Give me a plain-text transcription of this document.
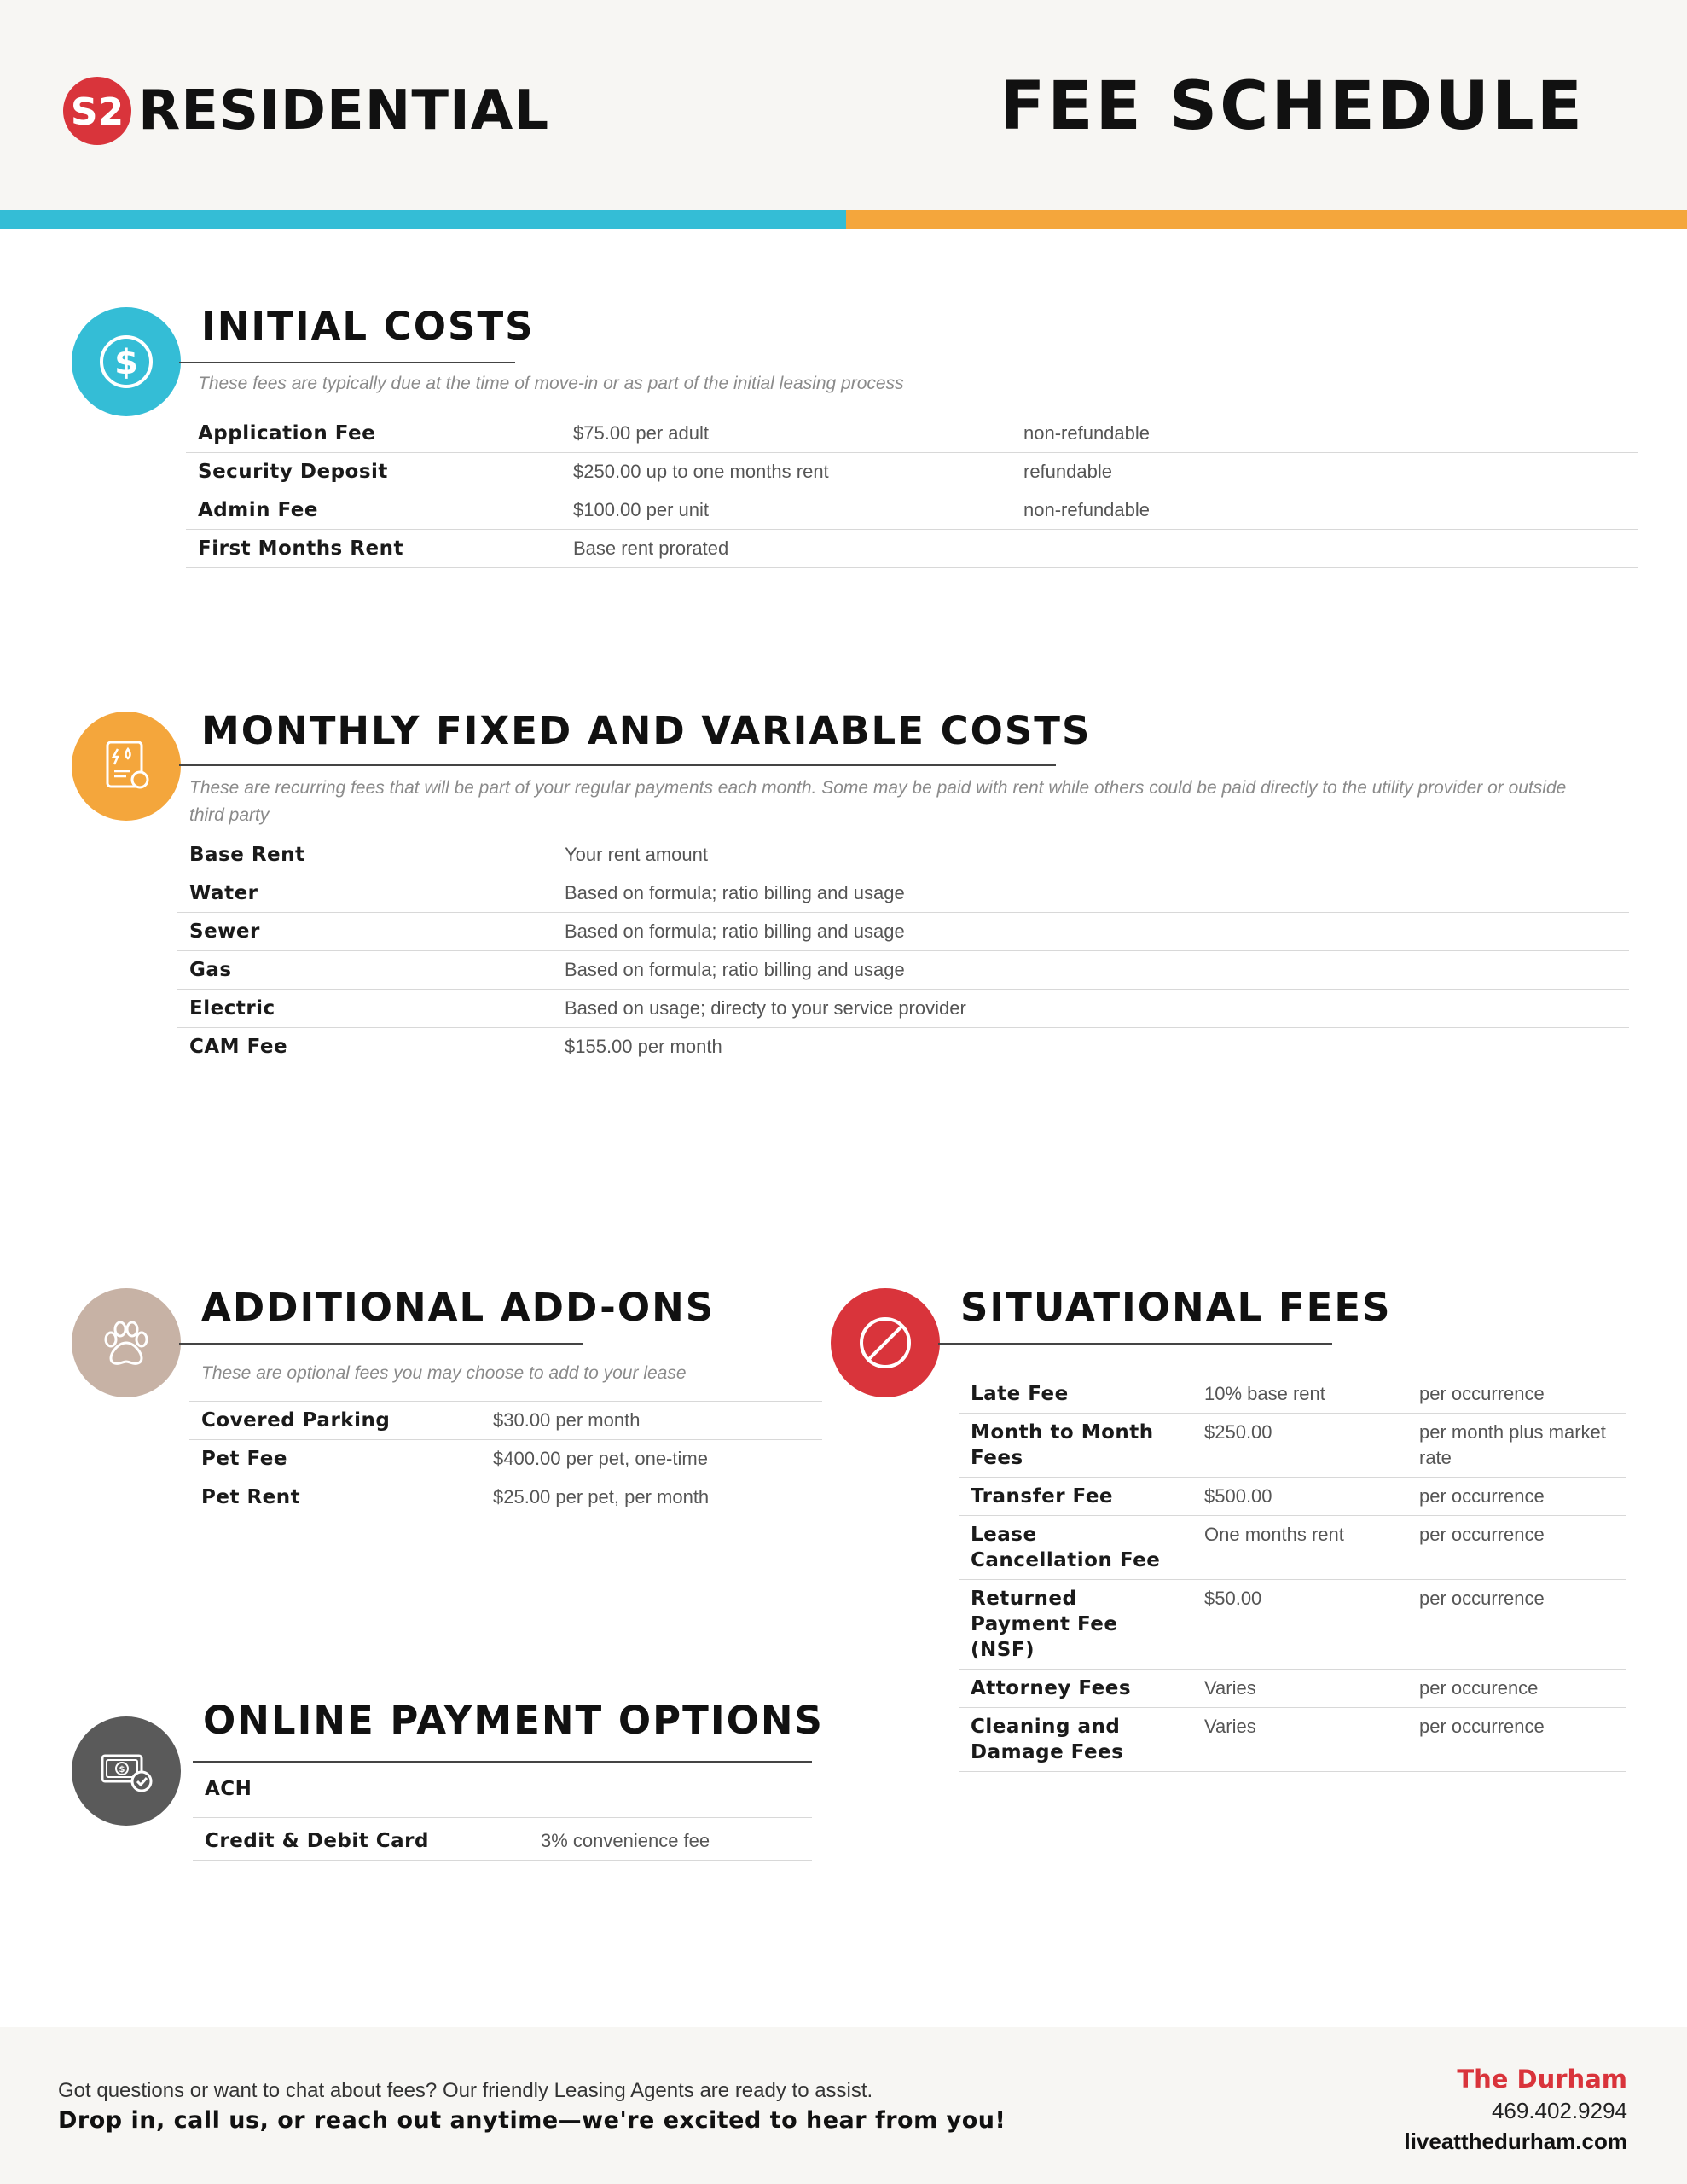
S2 RESIDENTIAL	FEE SCHEDULE
$
INITIAL COSTS
These fees are typically due at the time of move-in or as part of the initial leasing process
Application Fee	$75.00 per adult	non-refundable
Security Deposit	$250.00 up to one months rent	refundable
Admin Fee	$100.00 per unit	non-refundable
First Months Rent	Base rent prorated	
MONTHLY FIXED AND VARIABLE COSTS
These are recurring fees that will be part of your regular payments each month. Some may be paid with rent while others could be paid directly to the utility provider or outside third party
Base Rent	Your rent amount
Water	Based on formula; ratio billing and usage
Sewer	Based on formula; ratio billing and usage
Gas	Based on formula; ratio billing and usage
Electric	Based on usage; directy to your service provider
CAM Fee	$155.00 per month
ADDITIONAL ADD-ONS
These are optional fees you may choose to add to your lease
Covered Parking	$30.00 per month
Pet Fee	$400.00 per pet, one-time
Pet Rent	$25.00 per pet, per month
SITUATIONAL FEES
Late Fee	10% base rent	per occurrence
Month to Month Fees	$250.00	per month plus market rate
Transfer Fee	$500.00	per occurrence
Lease Cancellation Fee	One months rent	per occurrence
Returned Payment Fee (NSF)	$50.00	per occurrence
Attorney Fees	Varies	per occurence
Cleaning and Damage Fees	Varies	per occurrence
$
ONLINE PAYMENT OPTIONS
ACH	
Credit & Debit Card	3% convenience fee
Got questions or want to chat about fees? Our friendly Leasing Agents are ready to assist.
Drop in, call us, or reach out anytime—we're excited to hear from you!
The Durham
469.402.9294
liveatthedurham.com
